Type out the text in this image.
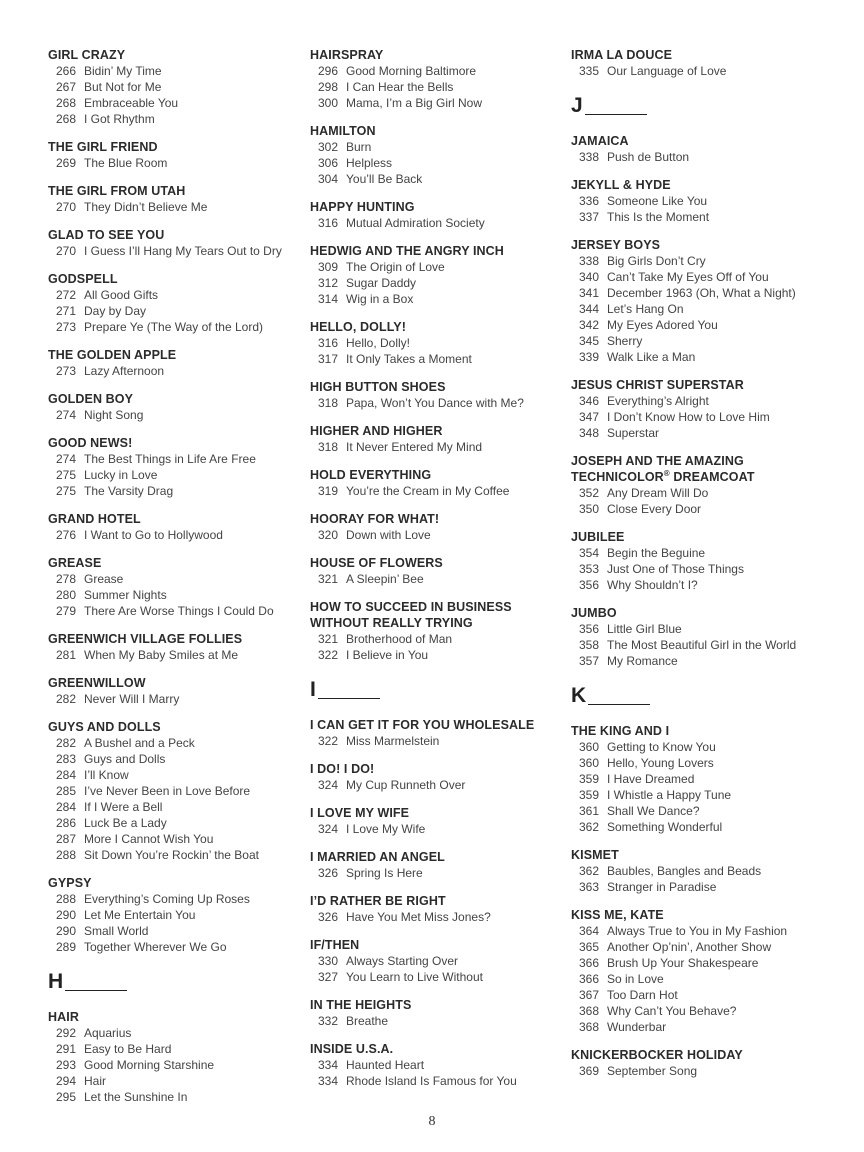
GIRL CRAZY
266 Bidin’ My Time
267 But Not for Me
268 Embraceable You
268 I Got Rhythm
THE GIRL FRIEND
269 The Blue Room
THE GIRL FROM UTAH
270 They Didn’t Believe Me
GLAD TO SEE YOU
270 I Guess I’ll Hang My Tears Out to Dry
GODSPELL
272 All Good Gifts
271 Day by Day
273 Prepare Ye (The Way of the Lord)
THE GOLDEN APPLE
273 Lazy Afternoon
GOLDEN BOY
274 Night Song
GOOD NEWS!
274 The Best Things in Life Are Free
275 Lucky in Love
275 The Varsity Drag
GRAND HOTEL
276 I Want to Go to Hollywood
GREASE
278 Grease
280 Summer Nights
279 There Are Worse Things I Could Do
GREENWICH VILLAGE FOLLIES
281 When My Baby Smiles at Me
GREENWILLOW
282 Never Will I Marry
GUYS AND DOLLS
282 A Bushel and a Peck
283 Guys and Dolls
284 I’ll Know
285 I’ve Never Been in Love Before
284 If I Were a Bell
286 Luck Be a Lady
287 More I Cannot Wish You
288 Sit Down You’re Rockin’ the Boat
GYPSY
288 Everything’s Coming Up Roses
290 Let Me Entertain You
290 Small World
289 Together Wherever We Go
H
HAIR
292 Aquarius
291 Easy to Be Hard
293 Good Morning Starshine
294 Hair
295 Let the Sunshine In
HAIRSPRAY
296 Good Morning Baltimore
298 I Can Hear the Bells
300 Mama, I’m a Big Girl Now
HAMILTON
302 Burn
306 Helpless
304 You’ll Be Back
HAPPY HUNTING
316 Mutual Admiration Society
HEDWIG AND THE ANGRY INCH
309 The Origin of Love
312 Sugar Daddy
314 Wig in a Box
HELLO, DOLLY!
316 Hello, Dolly!
317 It Only Takes a Moment
HIGH BUTTON SHOES
318 Papa, Won’t You Dance with Me?
HIGHER AND HIGHER
318 It Never Entered My Mind
HOLD EVERYTHING
319 You’re the Cream in My Coffee
HOORAY FOR WHAT!
320 Down with Love
HOUSE OF FLOWERS
321 A Sleepin’ Bee
HOW TO SUCCEED IN BUSINESS
WITHOUT REALLY TRYING
321 Brotherhood of Man
322 I Believe in You
I
I CAN GET IT FOR YOU WHOLESALE
322 Miss Marmelstein
I DO! I DO!
324 My Cup Runneth Over
I LOVE MY WIFE
324 I Love My Wife
I MARRIED AN ANGEL
326 Spring Is Here
I’D RATHER BE RIGHT
326 Have You Met Miss Jones?
IF/THEN
330 Always Starting Over
327 You Learn to Live Without
IN THE HEIGHTS
332 Breathe
INSIDE U.S.A.
334 Haunted Heart
334 Rhode Island Is Famous for You
IRMA LA DOUCE
335 Our Language of Love
J
JAMAICA
338 Push de Button
JEKYLL & HYDE
336 Someone Like You
337 This Is the Moment
JERSEY BOYS
338 Big Girls Don’t Cry
340 Can’t Take My Eyes Off of You
341 December 1963 (Oh, What a Night)
344 Let’s Hang On
342 My Eyes Adored You
345 Sherry
339 Walk Like a Man
JESUS CHRIST SUPERSTAR
346 Everything’s Alright
347 I Don’t Know How to Love Him
348 Superstar
JOSEPH AND THE AMAZING
TECHNICOLOR® DREAMCOAT
352 Any Dream Will Do
350 Close Every Door
JUBILEE
354 Begin the Beguine
353 Just One of Those Things
356 Why Shouldn’t I?
JUMBO
356 Little Girl Blue
358 The Most Beautiful Girl in the World
357 My Romance
K
THE KING AND I
360 Getting to Know You
360 Hello, Young Lovers
359 I Have Dreamed
359 I Whistle a Happy Tune
361 Shall We Dance?
362 Something Wonderful
KISMET
362 Baubles, Bangles and Beads
363 Stranger in Paradise
KISS ME, KATE
364 Always True to You in My Fashion
365 Another Op’nin’, Another Show
366 Brush Up Your Shakespeare
366 So in Love
367 Too Darn Hot
368 Why Can’t You Behave?
368 Wunderbar
KNICKERBOCKER HOLIDAY
369 September Song
8
